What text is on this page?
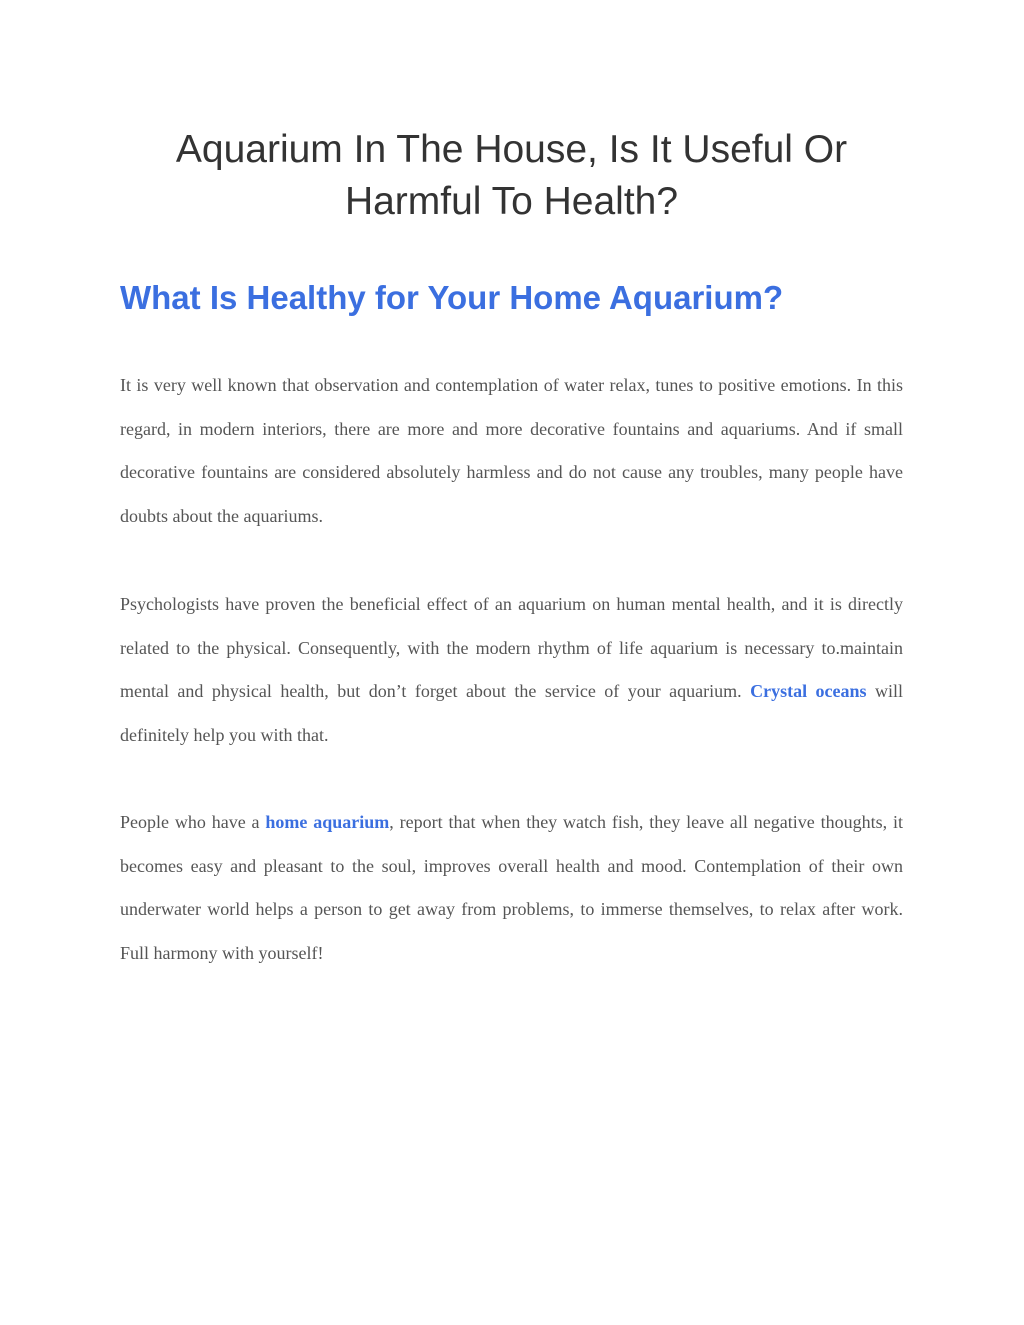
Aquarium In The House, Is It Useful Or Harmful To Health?
What Is Healthy for Your Home Aquarium?

It is very well known that observation and contemplation of water relax, tunes to positive emotions. In this regard, in modern interiors, there are more and more decorative fountains and aquariums. And if small decorative fountains are considered absolutely harmless and do not cause any troubles, many people have doubts about the aquariums.

Psychologists have proven the beneficial effect of an aquarium on human mental health, and it is directly related to the physical. Consequently, with the modern rhythm of life aquarium is necessary to.maintain mental and physical health, but don’t forget about the service of your aquarium. Crystal oceans will definitely help you with that.

People who have a home aquarium, report that when they watch fish, they leave all negative thoughts, it becomes easy and pleasant to the soul, improves overall health and mood. Contemplation of their own underwater world helps a person to get away from problems, to immerse themselves, to relax after work. Full harmony with yourself!
